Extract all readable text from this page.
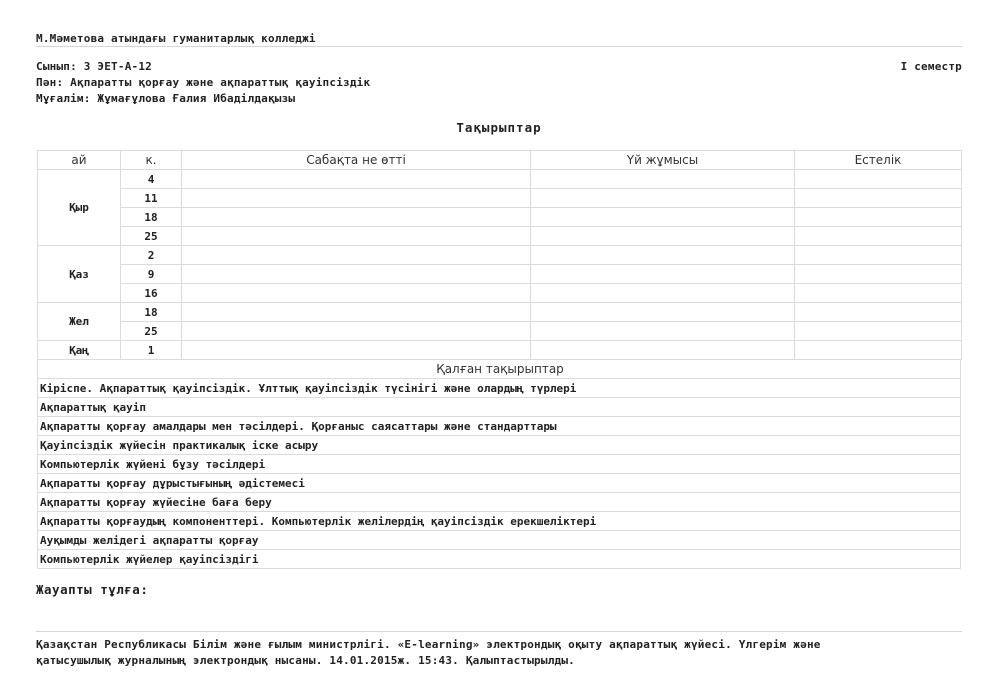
М.Мәметова атындағы гуманитарлық колледжі
Сынып: 3 ЭЕТ-А-12
Пән: Ақпаратты қорғау және ақпараттық қауіпсіздік
Мұғалім: Жұмағұлова Ғалия Ибадiлдақызы
I семестр
Тақырыптар
ай	к.	Сабақта не өтті	Үй жұмысы	Естелік
Қыр	4			
	11			
	18			
	25			
Қаз	2			
	9			
	16			
Жел	18			
	25			
Қаң	1			
Қалған тақырыптар
Кіріспе. Ақпараттық қауіпсіздік. Ұлттық қауіпсіздік түсінігі және олардың түрлері
Ақпараттық қауіп
Ақпаратты қорғау амалдары мен тәсілдері. Қорғаныс саясаттары және стандарттары
Қауіпсіздік жүйесін практикалық іске асыру
Компьютерлік жүйені бұзу тәсілдері
Ақпаратты қорғау дұрыстығының әдістемесі
Ақпаратты қорғау жүйесіне баға беру
Ақпаратты қорғаудың компоненттері. Компьютерлік желілердің қауіпсіздік ерекшеліктері
Ауқымды желідегі ақпаратты қорғау
Компьютерлік жүйелер қауіпсіздігі
Жауапты тұлға:
Қазақстан Республикасы Білім және ғылым министрлігі. «E-learning» электрондық оқыту ақпараттық жүйесі. Үлгерім және
қатысушылық журналының электрондық нысаны. 14.01.2015ж. 15:43. Қалыптастырылды.
